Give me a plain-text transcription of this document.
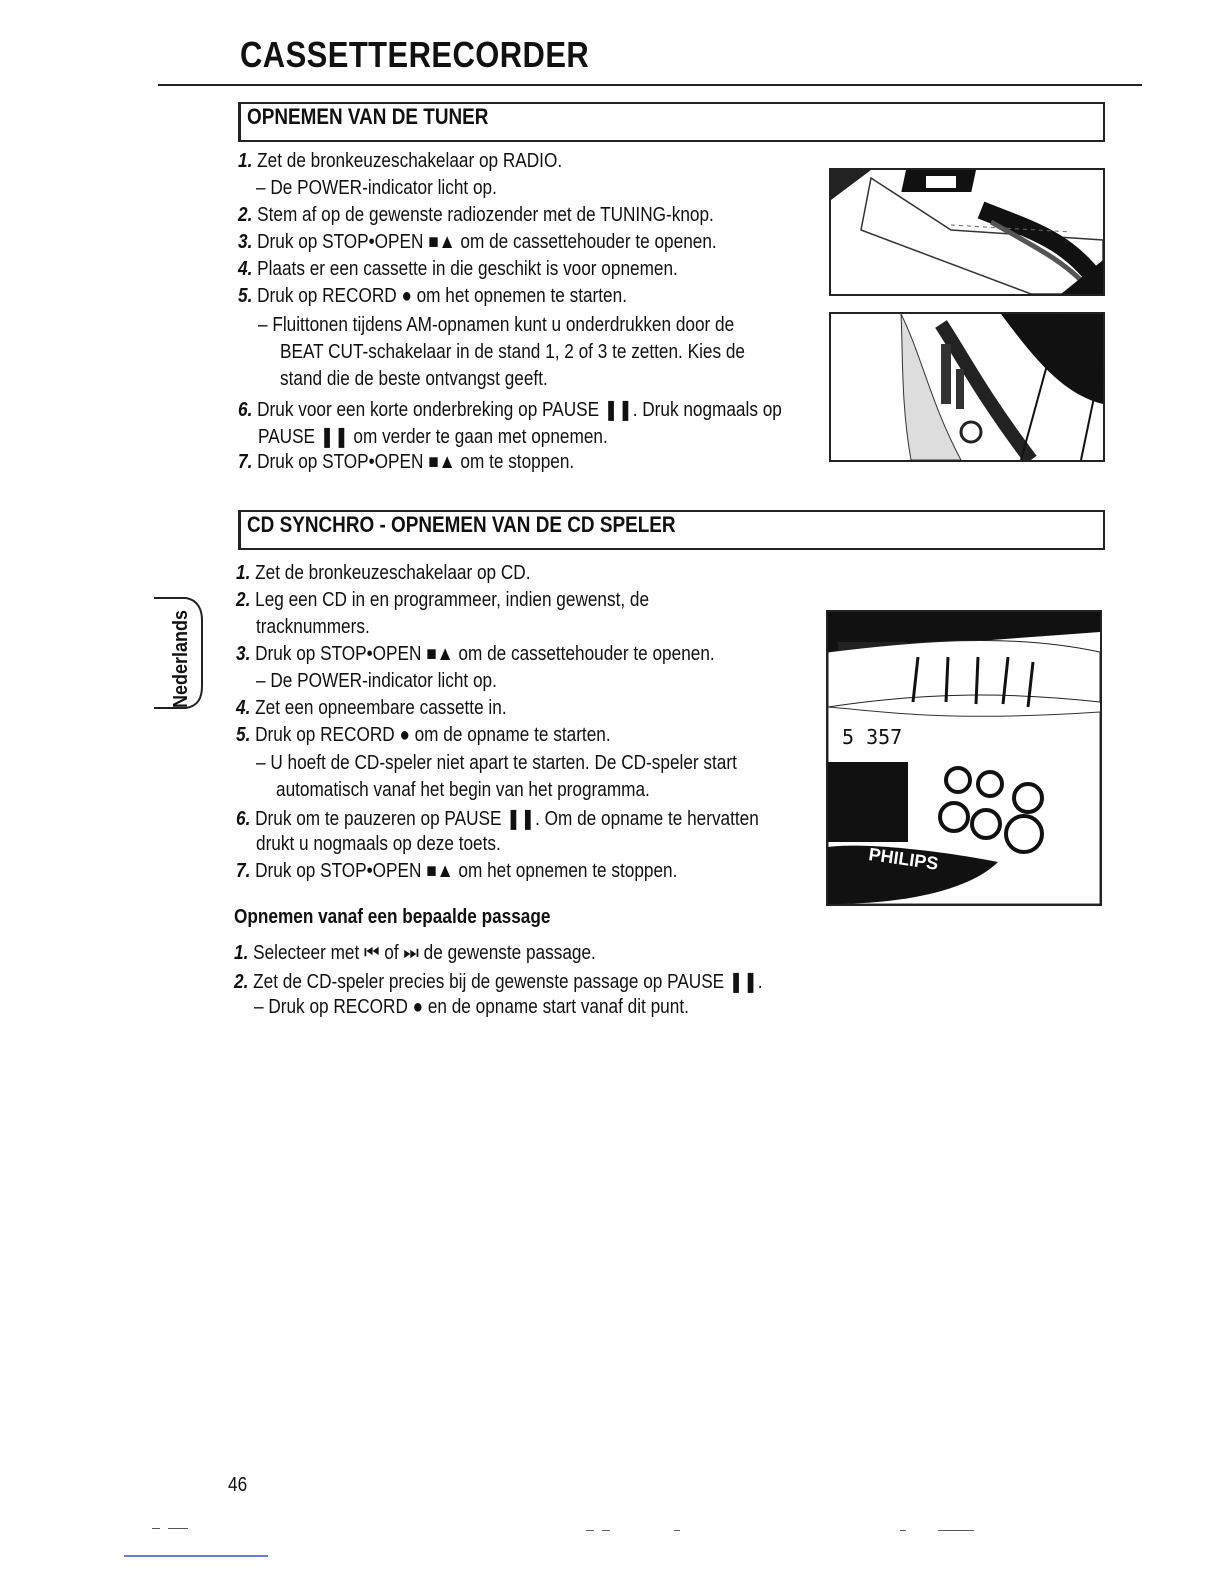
CASSETTERECORDER
OPNEMEN VAN DE TUNER
1. Zet de bronkeuzeschakelaar op RADIO.
– De POWER-indicator licht op.
2. Stem af op de gewenste radiozender met de TUNING-knop.
3. Druk op STOP•OPEN ■▲ om de cassettehouder te openen.
4. Plaats er een cassette in die geschikt is voor opnemen.
5. Druk op RECORD ● om het opnemen te starten.
– Fluittonen tijdens AM-opnamen kunt u onderdrukken door de
BEAT CUT-schakelaar in de stand 1, 2 of 3 te zetten. Kies de
stand die de beste ontvangst geeft.
6. Druk voor een korte onderbreking op PAUSE ❚❚. Druk nogmaals op
PAUSE ❚❚ om verder te gaan met opnemen.
7. Druk op STOP•OPEN ■▲ om te stoppen.
CD SYNCHRO - OPNEMEN VAN DE CD SPELER
1. Zet de bronkeuzeschakelaar op CD.
2. Leg een CD in en programmeer, indien gewenst, de
tracknummers.
3. Druk op STOP•OPEN ■▲ om de cassettehouder te openen.
– De POWER-indicator licht op.
4. Zet een opneembare cassette in.
5. Druk op RECORD ● om de opname te starten.
– U hoeft de CD-speler niet apart te starten. De CD-speler start
automatisch vanaf het begin van het programma.
6. Druk om te pauzeren op PAUSE ❚❚. Om de opname te hervatten
drukt u nogmaals op deze toets.
7. Druk op STOP•OPEN ■▲ om het opnemen te stoppen.
5 357
PHILIPS
Opnemen vanaf een bepaalde passage
1. Selecteer met ⏮ of ⏭ de gewenste passage.
2. Zet de CD-speler precies bij de gewenste passage op PAUSE ❚❚.
– Druk op RECORD ● en de opname start vanaf dit punt.
Nederlands
46
